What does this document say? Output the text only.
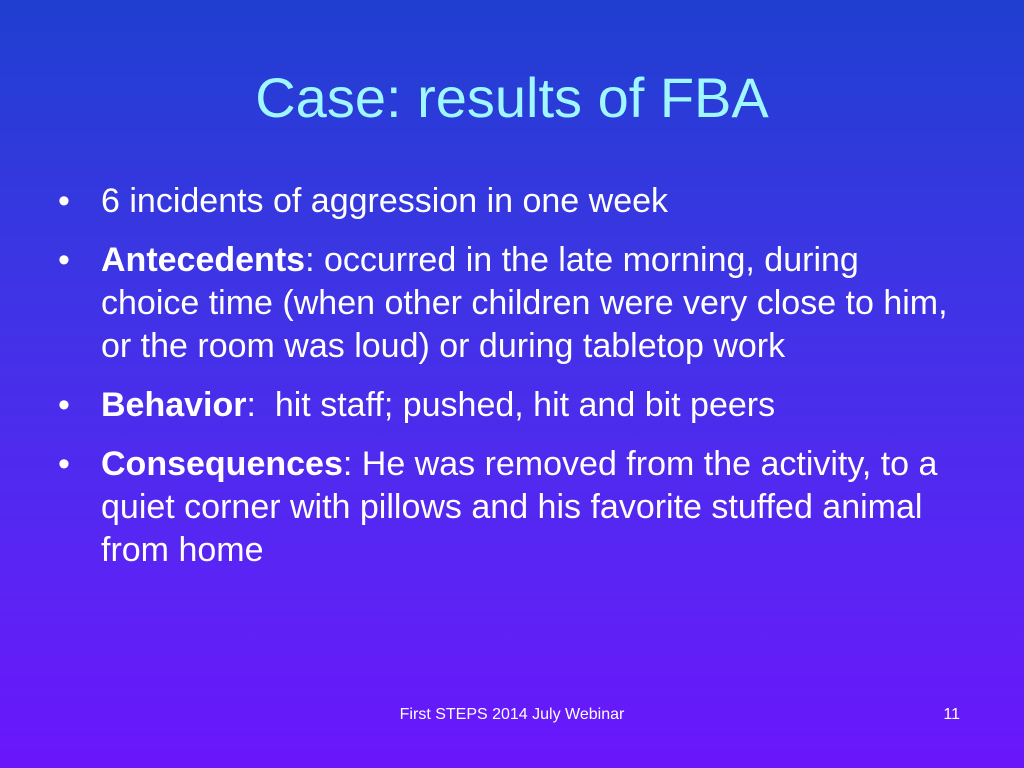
Case: results of FBA
• 6 incidents of aggression in one week
• Antecedents: occurred in the late morning, during choice time (when other children were very close to him, or the room was loud) or during tabletop work
• Behavior:  hit staff; pushed, hit and bit peers
• Consequences: He was removed from the activity, to a quiet corner with pillows and his favorite stuffed animal from home
First STEPS 2014 July Webinar	11
